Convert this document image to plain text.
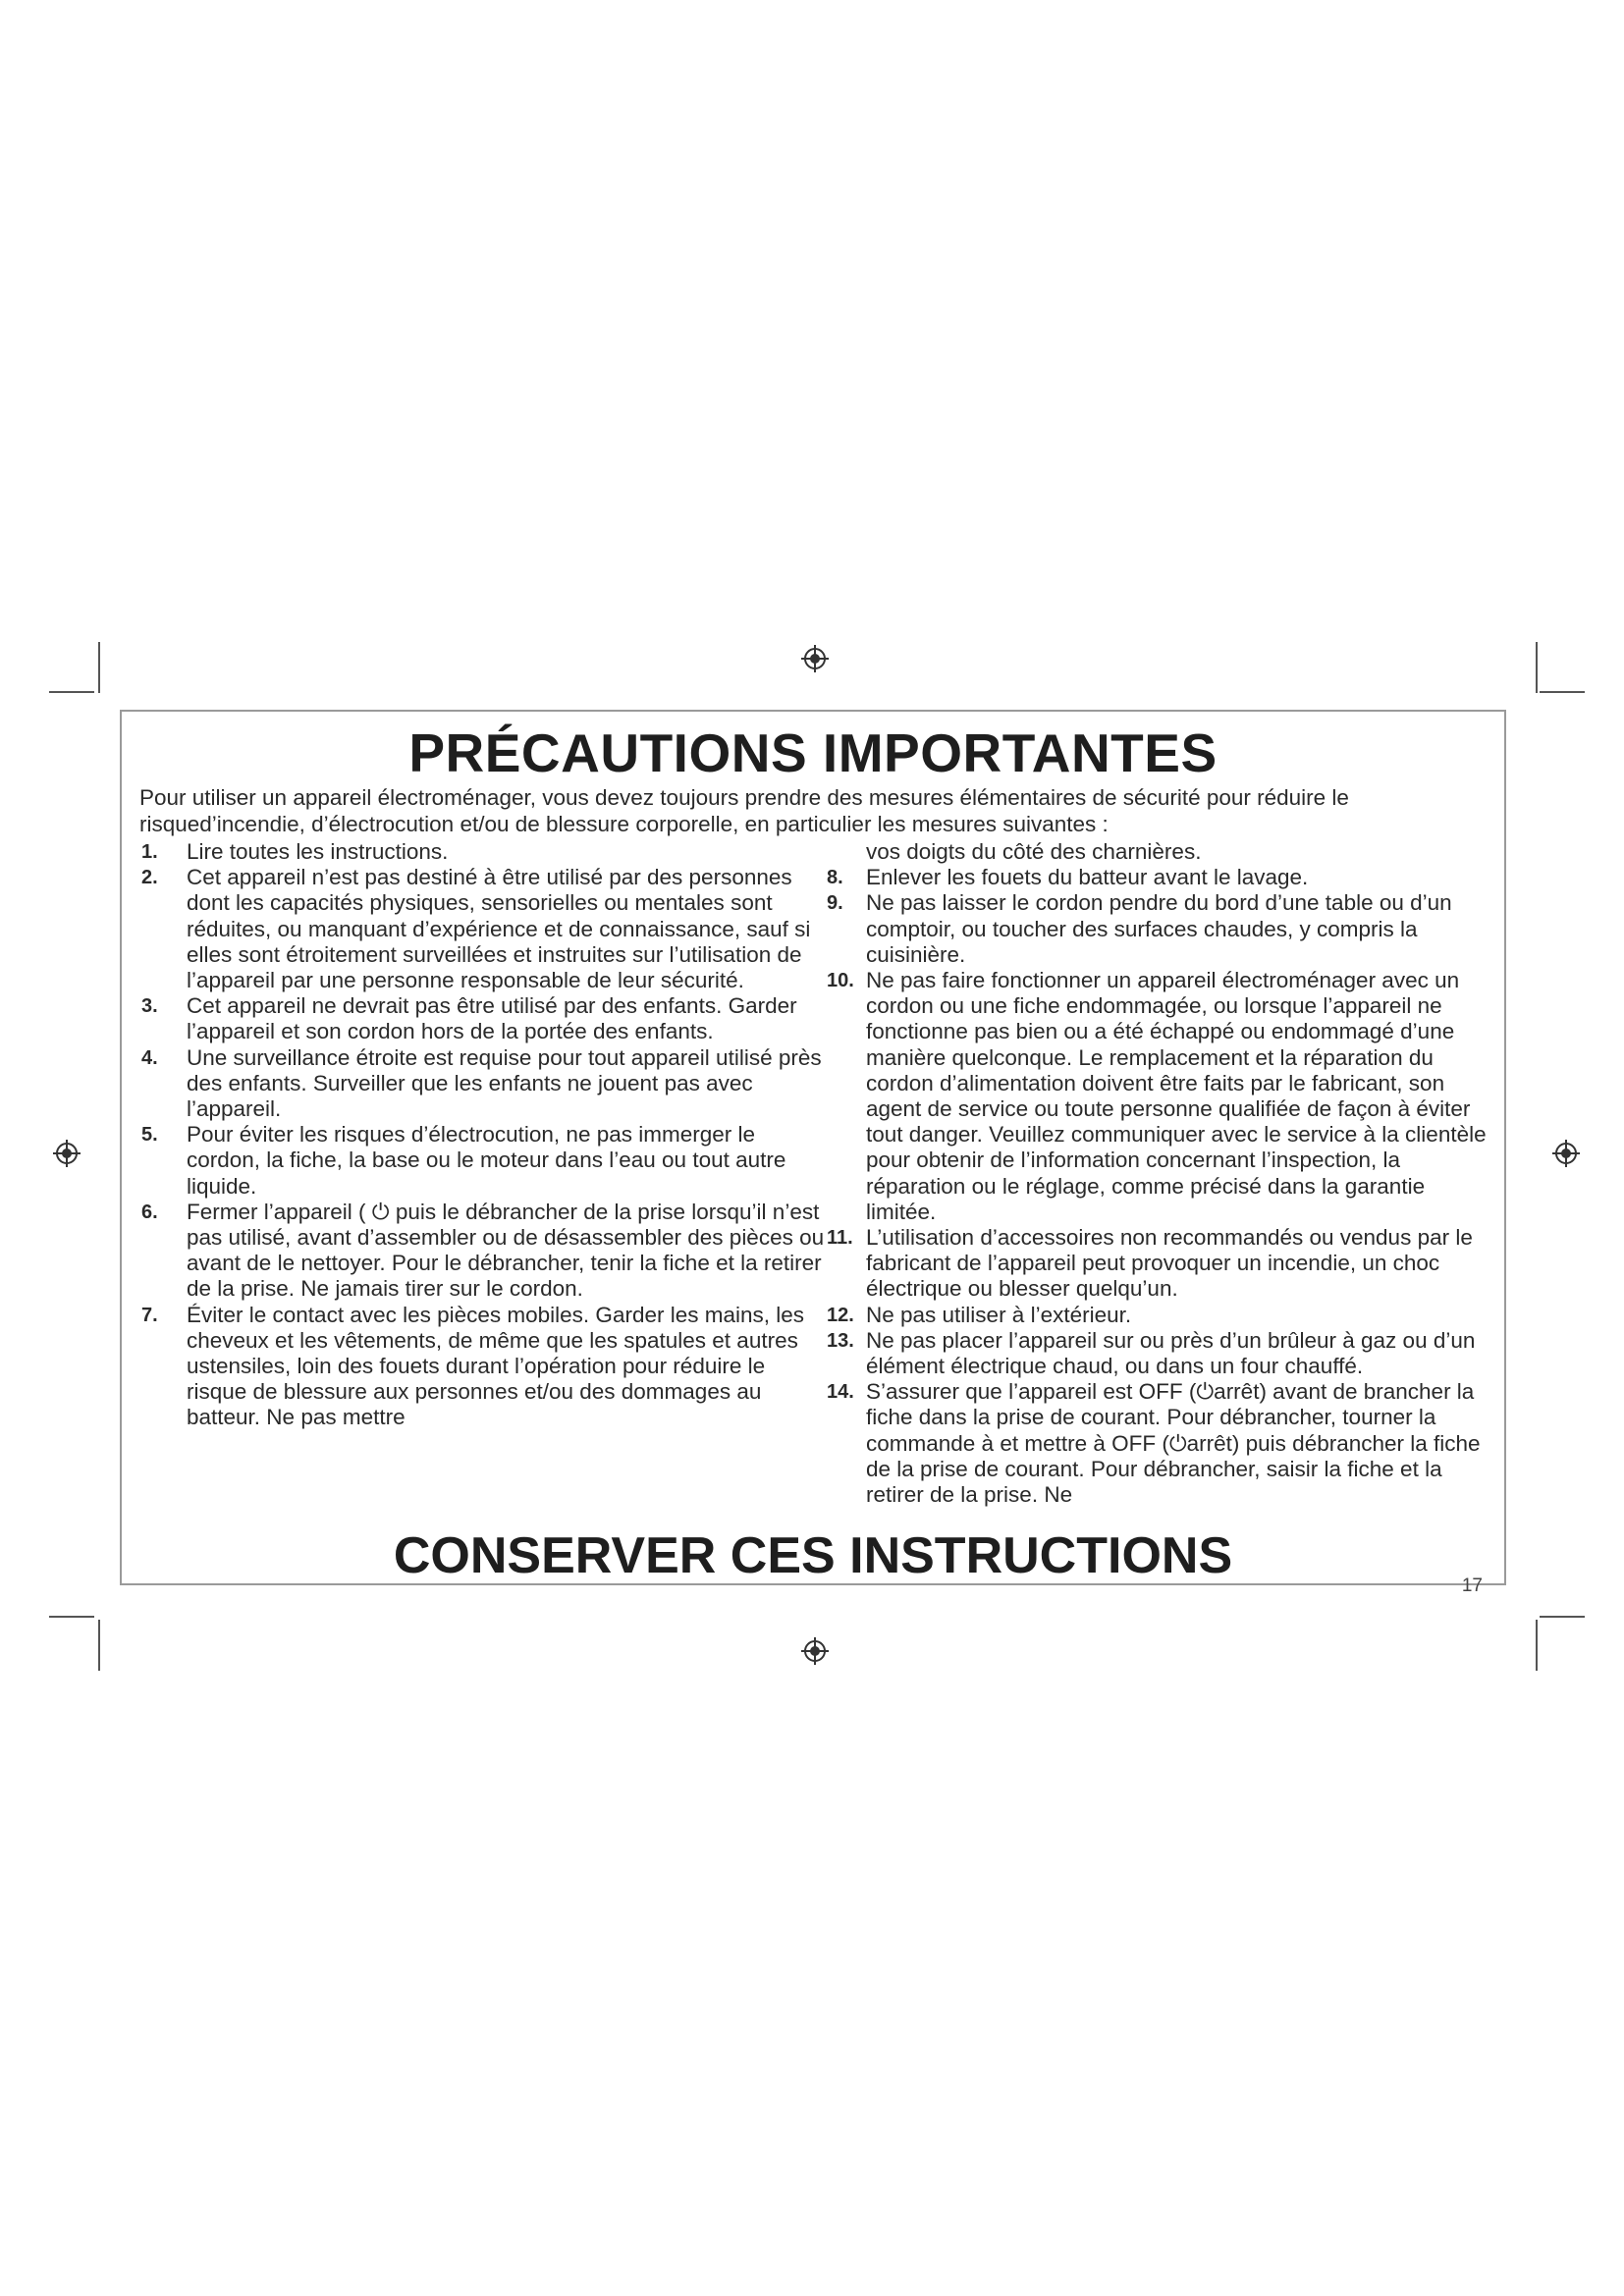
PRÉCAUTIONS IMPORTANTES
Pour utiliser un appareil électroménager, vous devez toujours prendre des mesures élémentaires de sécurité pour réduire le risqued’incendie, d’électrocution et/ou de blessure corporelle, en particulier les mesures suivantes :
1. Lire toutes les instructions.
2. Cet appareil n’est pas destiné à être utilisé par des personnes dont les capacités physiques, sensorielles ou mentales sont réduites, ou manquant d’expérience et de connaissance, sauf si elles sont étroitement surveillées et instruites sur l’utilisation de l’appareil par une personne responsable de leur sécurité.
3. Cet appareil ne devrait pas être utilisé par des enfants. Garder l’appareil et son cordon hors de la portée des enfants.
4. Une surveillance étroite est requise pour tout appareil utilisé près des enfants. Surveiller que les enfants ne jouent pas avec l’appareil.
5. Pour éviter les risques d’électrocution, ne pas immerger le cordon, la fiche, la base ou le moteur dans l’eau ou tout autre liquide.
6. Fermer l’appareil ( ⏻ puis le débrancher de la prise lorsqu’il n’est pas utilisé, avant d’assembler ou de désassembler des pièces ou avant de le nettoyer. Pour le débrancher, tenir la fiche et la retirer de la prise. Ne jamais tirer sur le cordon.
7. Éviter le contact avec les pièces mobiles. Garder les mains, les cheveux et les vêtements, de même que les spatules et autres ustensiles, loin des fouets durant l’opération pour réduire le risque de blessure aux personnes et/ou des dommages au batteur. Ne pas mettre
vos doigts du côté des charnières.
8. Enlever les fouets du batteur avant le lavage.
9. Ne pas laisser le cordon pendre du bord d’une table ou d’un comptoir, ou toucher des surfaces chaudes, y compris la cuisinière.
10. Ne pas faire fonctionner un appareil électroménager avec un cordon ou une fiche endommagée, ou lorsque l’appareil ne fonctionne pas bien ou a été échappé ou endommagé d’une manière quelconque. Le remplacement et la réparation du cordon d’alimentation doivent être faits par le fabricant, son agent de service ou toute personne qualifiée de façon à éviter tout danger. Veuillez communiquer avec le service à la clientèle pour obtenir de l’information concernant l’inspection, la réparation ou le réglage, comme précisé dans la garantie limitée.
11. L’utilisation d’accessoires non recommandés ou vendus par le fabricant de l’appareil peut provoquer un incendie, un choc électrique ou blesser quelqu’un.
12. Ne pas utiliser à l’extérieur.
13. Ne pas placer l’appareil sur ou près d’un brûleur à gaz ou d’un élément électrique chaud, ou dans un four chauffé.
14. S’assurer que l’appareil est OFF (⏻arrêt) avant de brancher la fiche dans la prise de courant. Pour débrancher, tourner la commande à et mettre à OFF (⏻arrêt) puis débrancher la fiche de la prise de courant. Pour débrancher, saisir la fiche et la retirer de la prise. Ne
CONSERVER CES INSTRUCTIONS
17
